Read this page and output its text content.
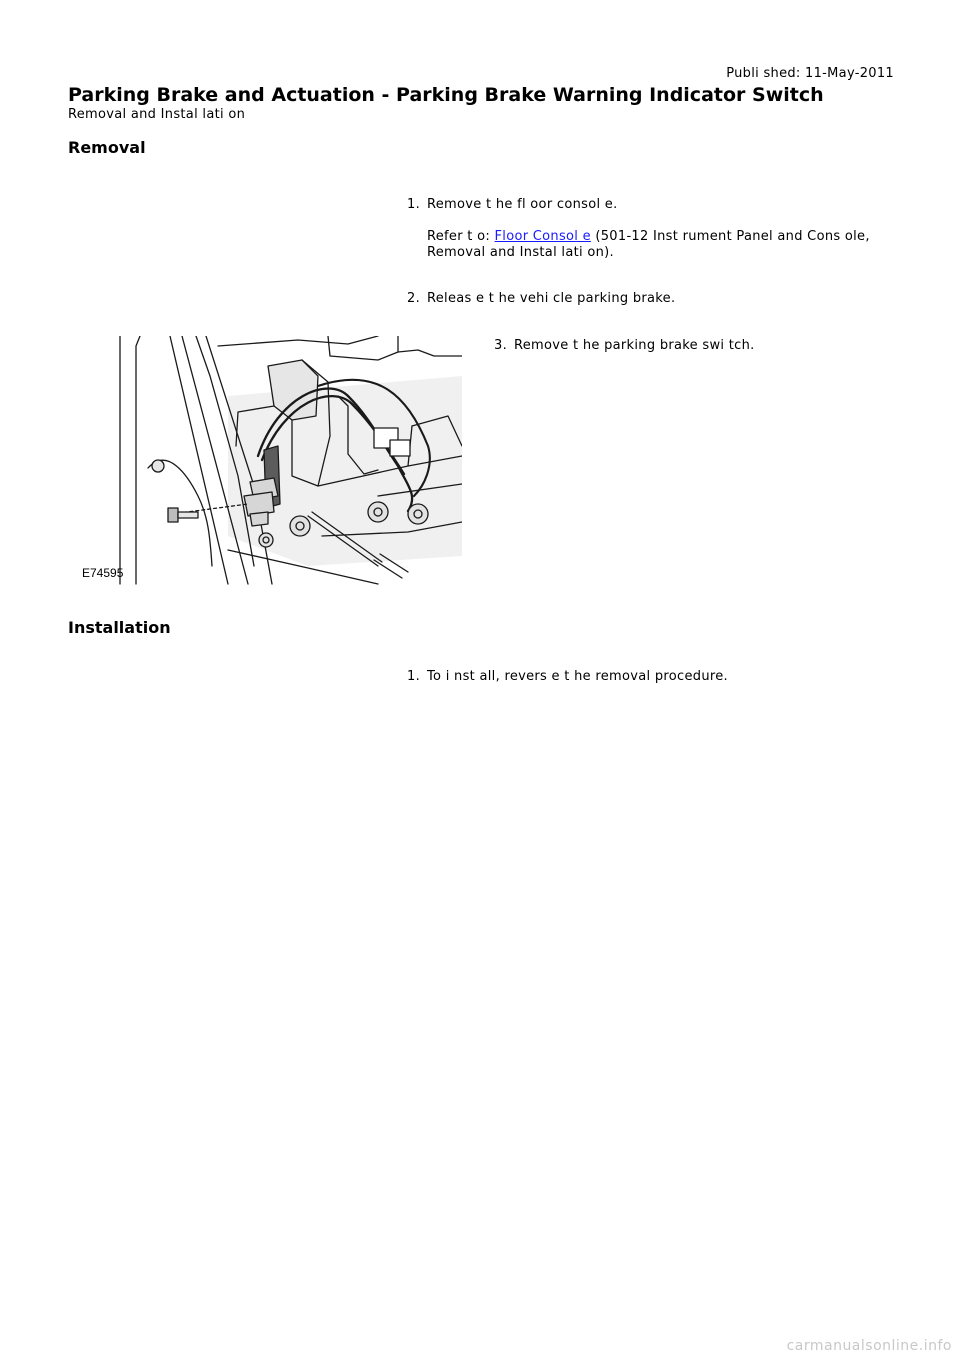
Publi shed: 11-May-2011
Parking Brake and Actuation - Parking Brake Warning Indicator Switch
Removal and Instal lati on
Removal
1. Remove t he fl oor consol e.
Refer t o: Floor Consol e (501-12 Inst rument Panel and Cons ole,
Removal and Instal lati on).
2. Releas e t he vehi cle parking brake.
3. Remove t he parking brake swi tch.
E74595
Installation
1. To i nst all, revers e t he removal procedure.
carmanualsonline.info
